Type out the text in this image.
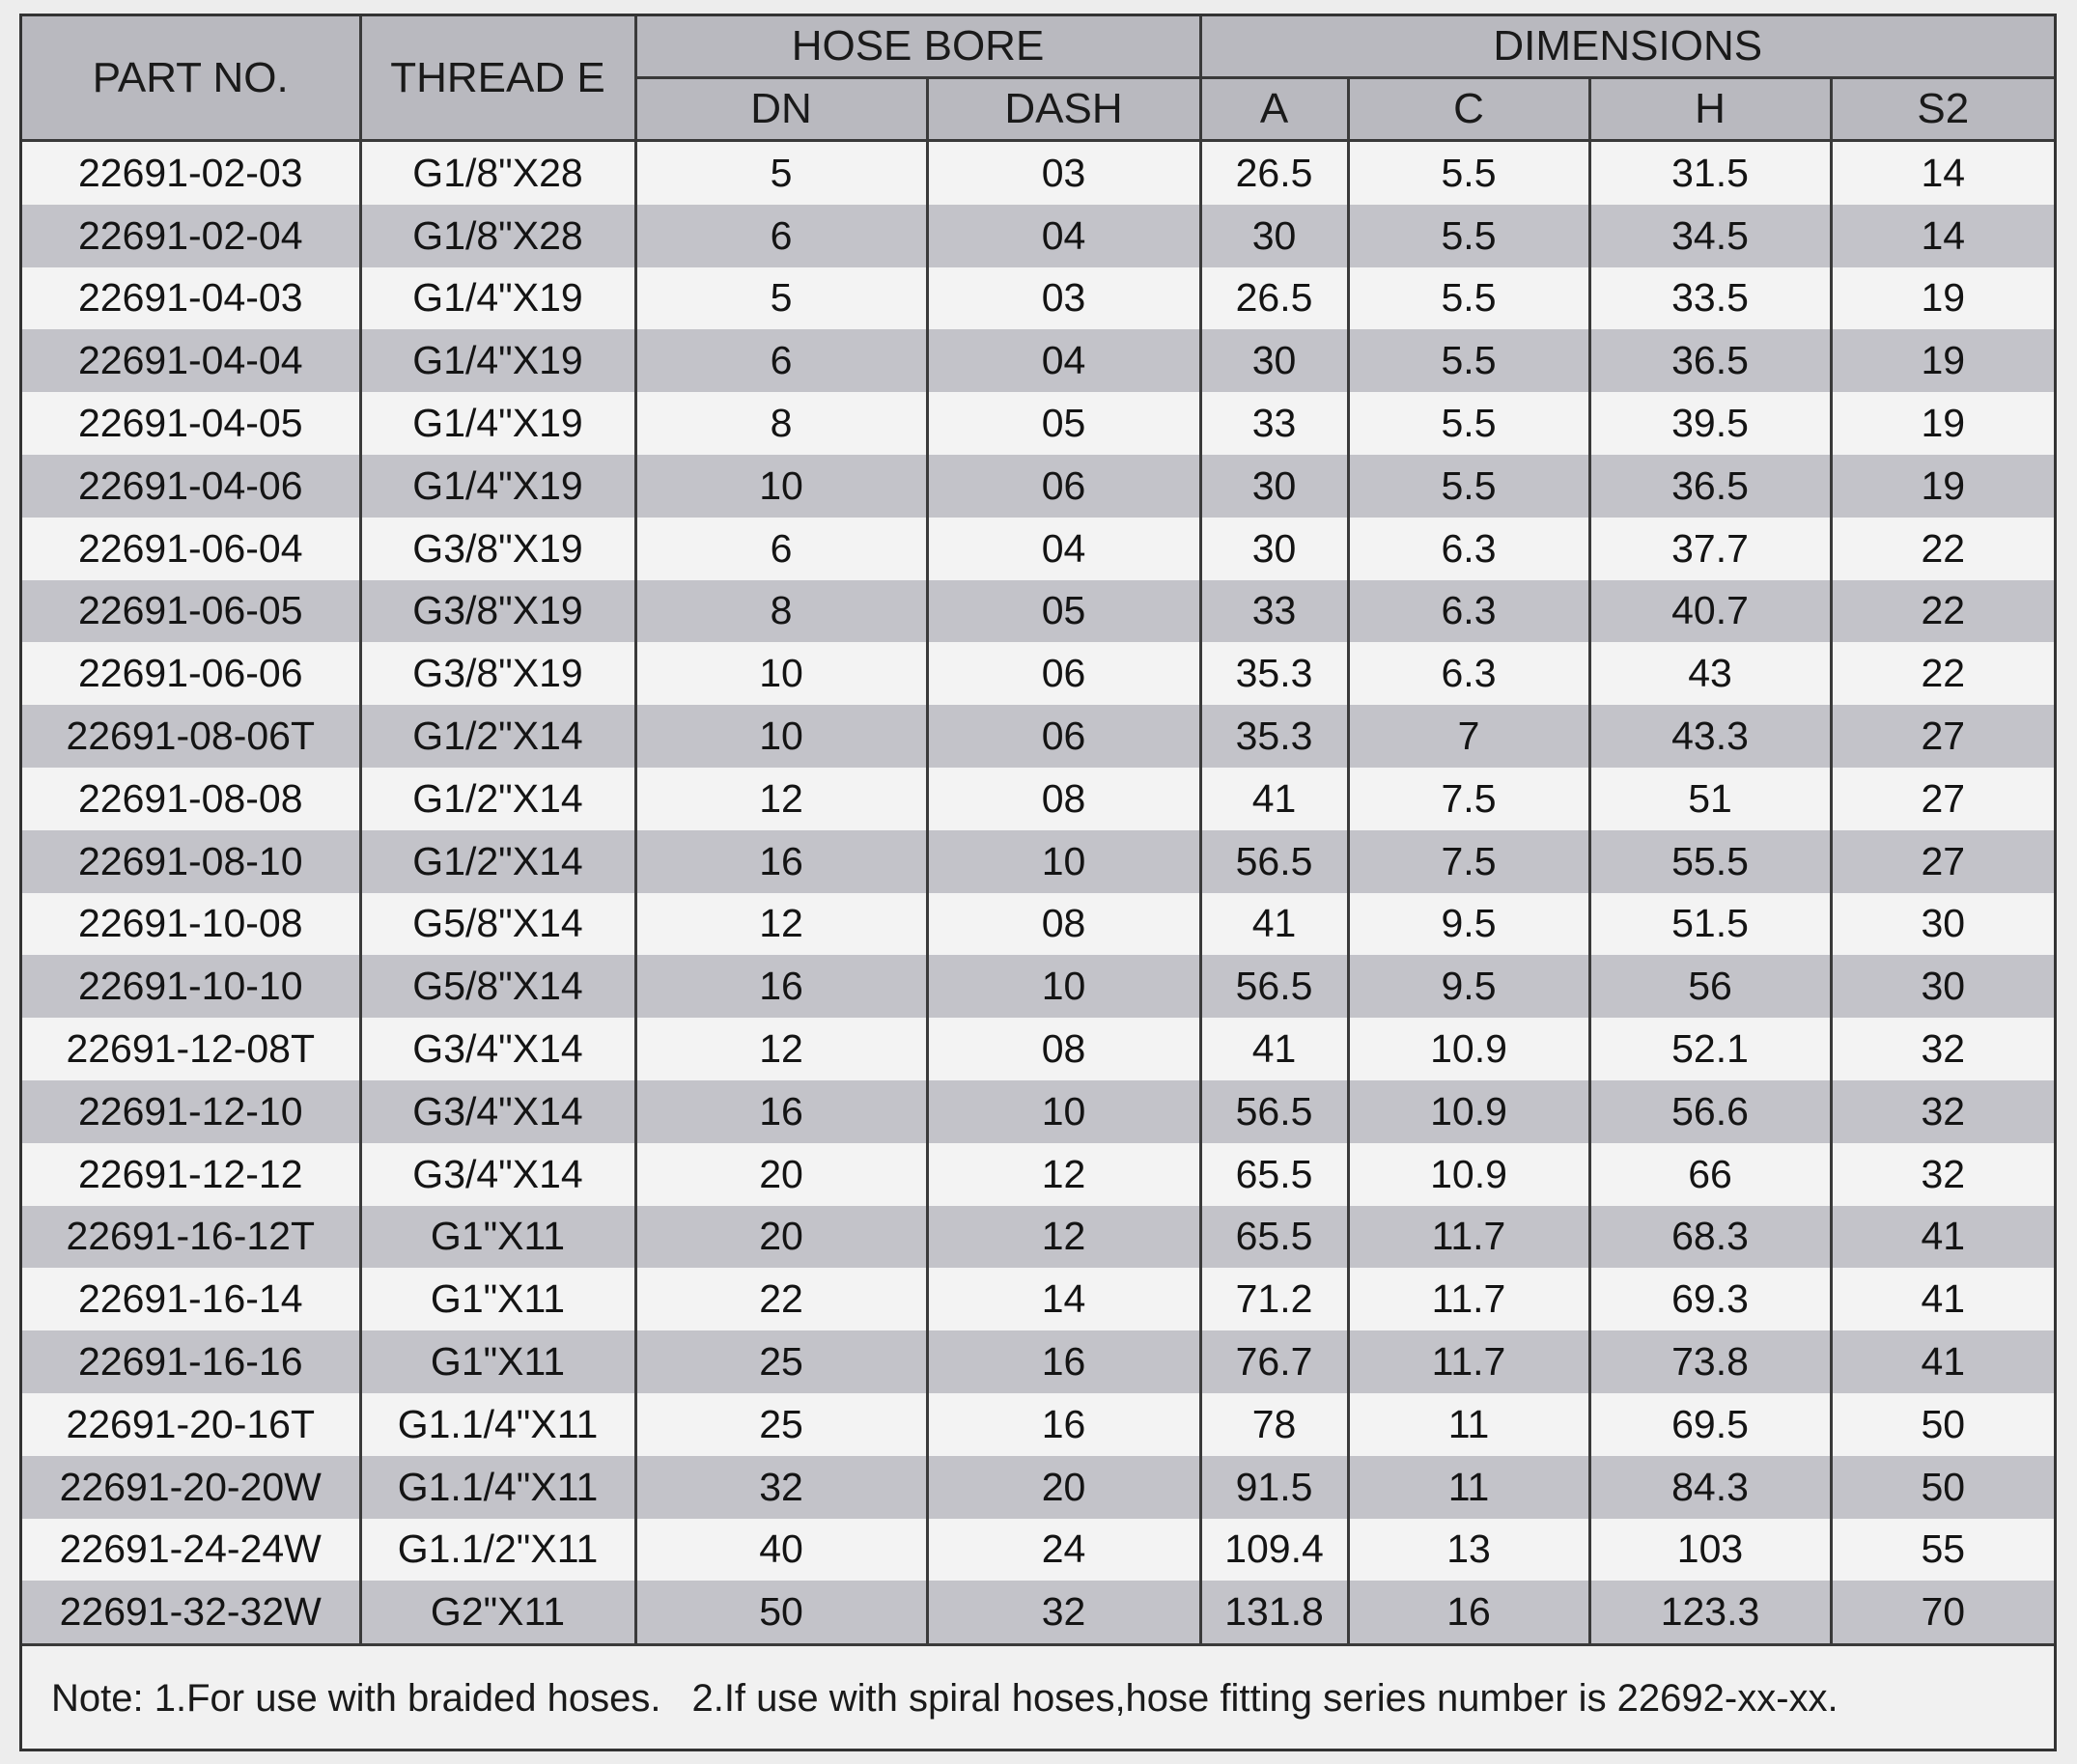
PART NO.	THREAD E	HOSE BORE		DIMENSIONS			
		DN	DASH	A	C	H	S2
22691-02-03	G1/8"X28	5	03	26.5	5.5	31.5	14
22691-02-04	G1/8"X28	6	04	30	5.5	34.5	14
22691-04-03	G1/4"X19	5	03	26.5	5.5	33.5	19
22691-04-04	G1/4"X19	6	04	30	5.5	36.5	19
22691-04-05	G1/4"X19	8	05	33	5.5	39.5	19
22691-04-06	G1/4"X19	10	06	30	5.5	36.5	19
22691-06-04	G3/8"X19	6	04	30	6.3	37.7	22
22691-06-05	G3/8"X19	8	05	33	6.3	40.7	22
22691-06-06	G3/8"X19	10	06	35.3	6.3	43	22
22691-08-06T	G1/2"X14	10	06	35.3	7	43.3	27
22691-08-08	G1/2"X14	12	08	41	7.5	51	27
22691-08-10	G1/2"X14	16	10	56.5	7.5	55.5	27
22691-10-08	G5/8"X14	12	08	41	9.5	51.5	30
22691-10-10	G5/8"X14	16	10	56.5	9.5	56	30
22691-12-08T	G3/4"X14	12	08	41	10.9	52.1	32
22691-12-10	G3/4"X14	16	10	56.5	10.9	56.6	32
22691-12-12	G3/4"X14	20	12	65.5	10.9	66	32
22691-16-12T	G1"X11	20	12	65.5	11.7	68.3	41
22691-16-14	G1"X11	22	14	71.2	11.7	69.3	41
22691-16-16	G1"X11	25	16	76.7	11.7	73.8	41
22691-20-16T	G1.1/4"X11	25	16	78	11	69.5	50
22691-20-20W	G1.1/4"X11	32	20	91.5	11	84.3	50
22691-24-24W	G1.1/2"X11	40	24	109.4	13	103	55
22691-32-32W	G2"X11	50	32	131.8	16	123.3	70
Note: 1.For use with braided hoses. 2.If use with spiral hoses,hose fitting series number is 22692-xx-xx.
